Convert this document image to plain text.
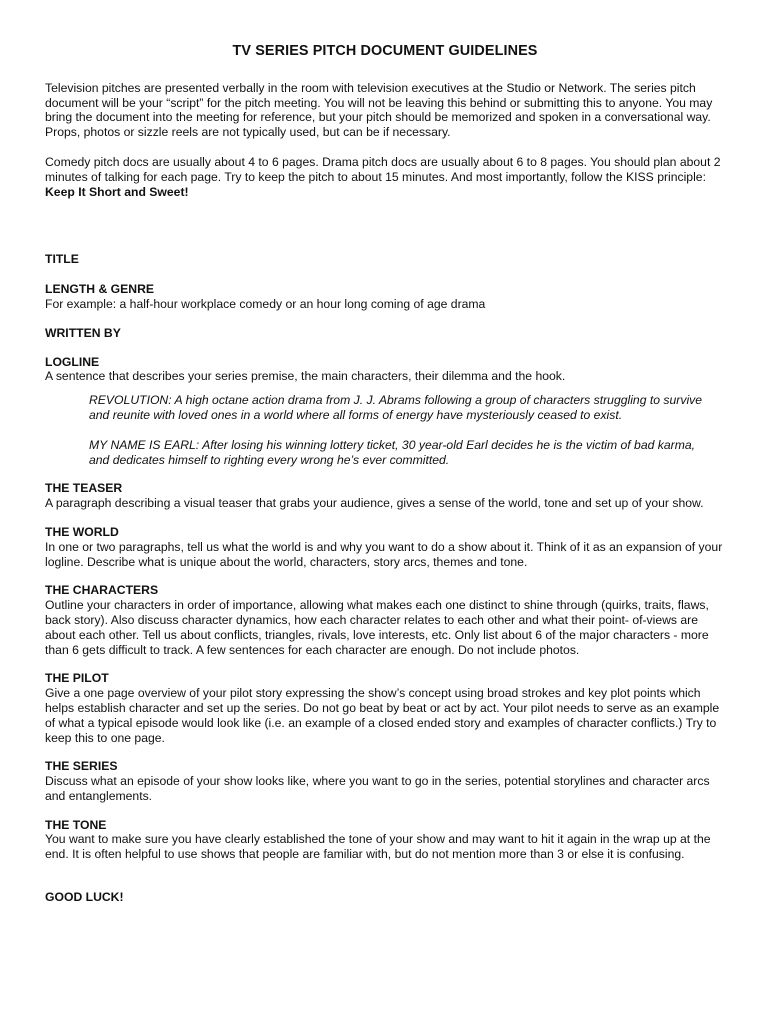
TV SERIES PITCH DOCUMENT GUIDELINES

Television pitches are presented verbally in the room with television executives at the Studio or Network. The series pitch document will be your “script” for the pitch meeting. You will not be leaving this behind or submitting this to anyone. You may bring the document into the meeting for reference, but your pitch should be memorized and spoken in a conversational way. Props, photos or sizzle reels are not typically used, but can be if necessary.

Comedy pitch docs are usually about 4 to 6 pages. Drama pitch docs are usually about 6 to 8 pages. You should plan about 2 minutes of talking for each page. Try to keep the pitch to about 15 minutes. And most importantly, follow the KISS principle: Keep It Short and Sweet!

TITLE
LENGTH & GENRE

For example: a half-hour workplace comedy or an hour long coming of age drama

WRITTEN BY
LOGLINE

A sentence that describes your series premise, the main characters, their dilemma and the hook.

REVOLUTION: A high octane action drama from J. J. Abrams following a group of characters struggling to survive and reunite with loved ones in a world where all forms of energy have mysteriously ceased to exist.

MY NAME IS EARL: After losing his winning lottery ticket, 30 year-old Earl decides he is the victim of bad karma, and dedicates himself to righting every wrong he’s ever committed.

THE TEASER

A paragraph describing a visual teaser that grabs your audience, gives a sense of the world, tone and set up of your show.

THE WORLD

In one or two paragraphs, tell us what the world is and why you want to do a show about it. Think of it as an expansion of your logline. Describe what is unique about the world, characters, story arcs, themes and tone.

THE CHARACTERS

Outline your characters in order of importance, allowing what makes each one distinct to shine through (quirks, traits, flaws, back story). Also discuss character dynamics, how each character relates to each other and what their point- of-views are about each other. Tell us about conflicts, triangles, rivals, love interests, etc. Only list about 6 of the major characters - more than 6 gets difficult to track. A few sentences for each character are enough. Do not include photos.

THE PILOT

Give a one page overview of your pilot story expressing the show’s concept using broad strokes and key plot points which helps establish character and set up the series. Do not go beat by beat or act by act. Your pilot needs to serve as an example of what a typical episode would look like (i.e. an example of a closed ended story and examples of character conflicts.) Try to keep this to one page.

THE SERIES

Discuss what an episode of your show looks like, where you want to go in the series, potential storylines and character arcs and entanglements.

THE TONE

You want to make sure you have clearly established the tone of your show and may want to hit it again in the wrap up at the end. It is often helpful to use shows that people are familiar with, but do not mention more than 3 or else it is confusing.

GOOD LUCK!
